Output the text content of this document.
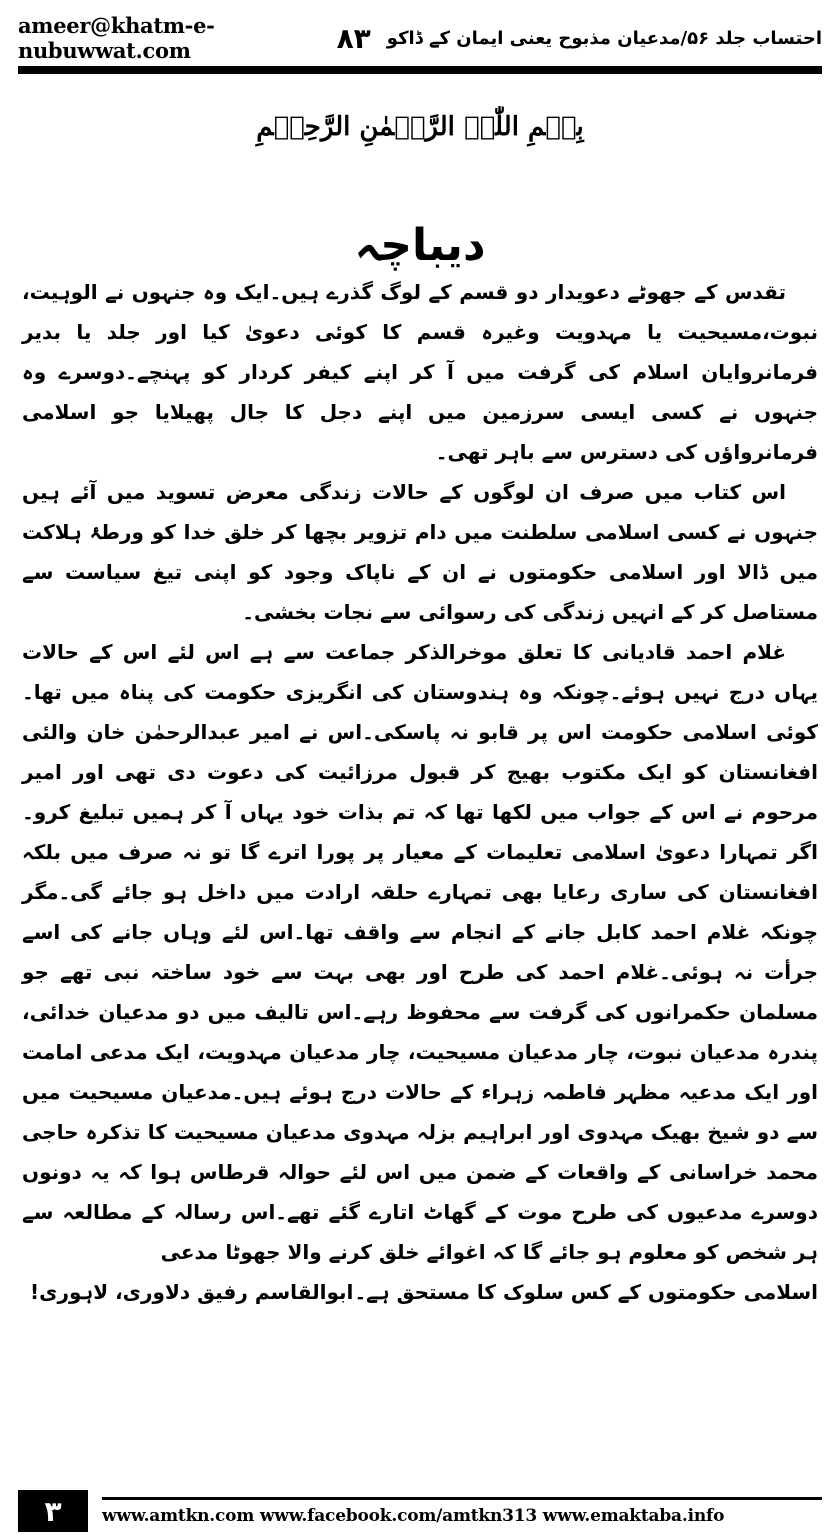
ameer@khatm-e-nubuwwat.com	احتساب جلد ۵۶/مدعیان مذبوح یعنی ایمان کے ڈاکو
۸۳
بِسۡمِ اللّٰہِ الرَّحۡمٰنِ الرَّحِیۡمِ
دیباچہ

تقدس کے جھوٹے دعویدار دو قسم کے لوگ گذرے ہیں۔ایک وہ جنہوں نے الوہیت، نبوت،مسیحیت یا مہدویت وغیرہ قسم کا کوئی دعویٰ کیا اور جلد یا بدیر فرمانروایان اسلام کی گرفت میں آ کر اپنے کیفر کردار کو پہنچے۔دوسرے وہ جنہوں نے کسی ایسی سرزمین میں اپنے دجل کا جال پھیلایا جو اسلامی فرمانرواؤں کی دسترس سے باہر تھی۔

اس کتاب میں صرف ان لوگوں کے حالات زندگی معرض تسوید میں آئے ہیں جنہوں نے کسی اسلامی سلطنت میں دام تزویر بچھا کر خلق خدا کو ورطۂ ہلاکت میں ڈالا اور اسلامی حکومتوں نے ان کے ناپاک وجود کو اپنی تیغ سیاست سے مستاصل کر کے انہیں زندگی کی رسوائی سے نجات بخشی۔

غلام احمد قادیانی کا تعلق موخرالذکر جماعت سے ہے اس لئے اس کے حالات یہاں درج نہیں ہوئے۔چونکہ وہ ہندوستان کی انگریزی حکومت کی پناہ میں تھا۔کوئی اسلامی حکومت اس پر قابو نہ پاسکی۔اس نے امیر عبدالرحمٰن خان والئی افغانستان کو ایک مکتوب بھیج کر قبول مرزائیت کی دعوت دی تھی اور امیر مرحوم نے اس کے جواب میں لکھا تھا کہ تم بذات خود یہاں آ کر ہمیں تبلیغ کرو۔اگر تمہارا دعویٰ اسلامی تعلیمات کے معیار پر پورا اترے گا تو نہ صرف میں بلکہ افغانستان کی ساری رعایا بھی تمہارے حلقہ ارادت میں داخل ہو جائے گی۔مگر چونکہ غلام احمد کابل جانے کے انجام سے واقف تھا۔اس لئے وہاں جانے کی اسے جرأت نہ ہوئی۔غلام احمد کی طرح اور بھی بہت سے خود ساختہ نبی تھے جو مسلمان حکمرانوں کی گرفت سے محفوظ رہے۔اس تالیف میں دو مدعیان خدائی، پندرہ مدعیان نبوت، چار مدعیان مسیحیت، چار مدعیان مہدویت، ایک مدعی امامت اور ایک مدعیہ مظہر فاطمہ زہراء کے حالات درج ہوئے ہیں۔مدعیان مسیحیت میں سے دو شیخ بھیک مہدوی اور ابراہیم بزلہ مہدوی مدعیان مسیحیت کا تذکرہ حاجی محمد خراسانی کے واقعات کے ضمن میں اس لئے حوالہ قرطاس ہوا کہ یہ دونوں دوسرے مدعیوں کی طرح موت کے گھاٹ اتارے گئے تھے۔اس رسالہ کے مطالعہ سے ہر شخص کو معلوم ہو جائے گا کہ اغوائے خلق کرنے والا جھوٹا مدعی

اسلامی حکومتوں کے کس سلوک کا مستحق ہے۔
ابوالقاسم رفیق دلاوری، لاہوری!
۳	www.amtkn.com www.facebook.com/amtkn313 www.emaktaba.info
